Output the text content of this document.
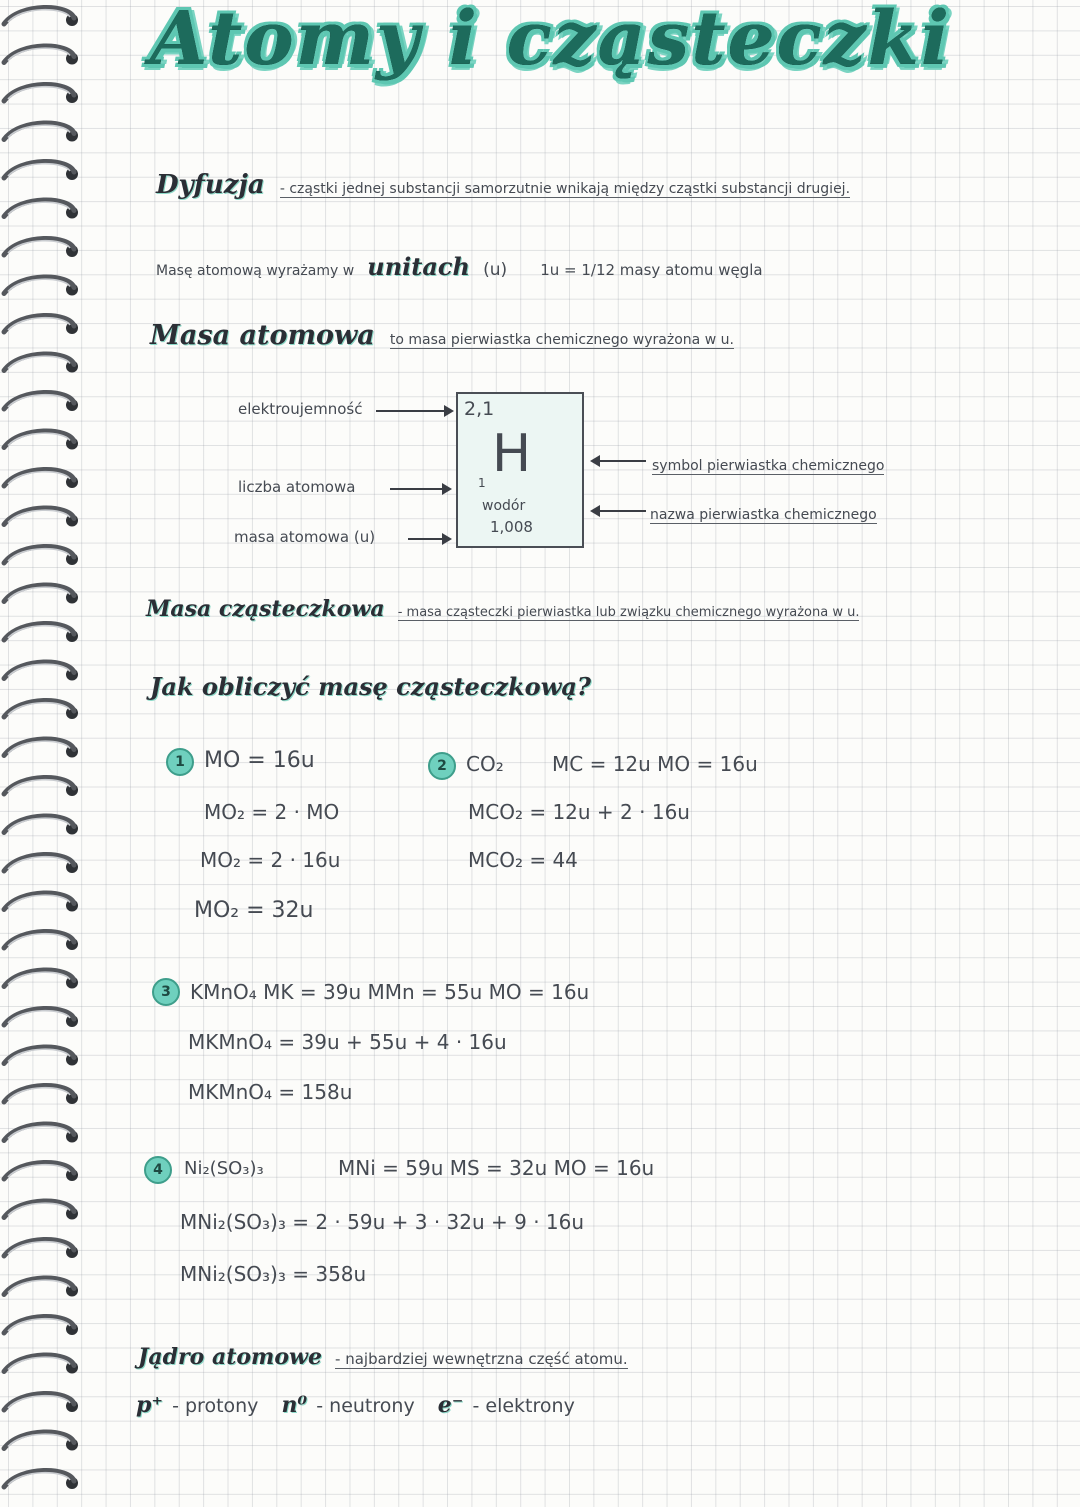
Atomy i cząsteczki
Dyfuzja - cząstki jednej substancji samorzutnie wnikają między cząstki substancji drugiej.
Masę atomową wyrażamy w unitach (u) 1u = 1/12 masy atomu węgla
Masa atomowa to masa pierwiastka chemicznego wyrażona w u.
elektroujemność
liczba atomowa
masa atomowa (u)
2,1
1 H
wodór
1,008
symbol pierwiastka chemicznego
nazwa pierwiastka chemicznego
Masa cząsteczkowa - masa cząsteczki pierwiastka lub związku chemicznego wyrażona w u.
Jak obliczyć masę cząsteczkową?
1 MO = 16u
MO₂ = 2 · MO
MO₂ = 2 · 16u
MO₂ = 32u
2 CO₂ MC = 12u MO = 16u
MCO₂ = 12u + 2 · 16u
MCO₂ = 44
3 KMnO₄ MK = 39u MMn = 55u MO = 16u
MKMnO₄ = 39u + 55u + 4 · 16u
MKMnO₄ = 158u
4	Ni₂(SO₃)₃	MNi = 59u MS = 32u MO = 16u
MNi₂(SO₃)₃ = 2 · 59u + 3 · 32u + 9 · 16u
MNi₂(SO₃)₃ = 358u
Jądro atomowe - najbardziej wewnętrzna część atomu.
p⁺ - protony n⁰ - neutrony e⁻ - elektrony
